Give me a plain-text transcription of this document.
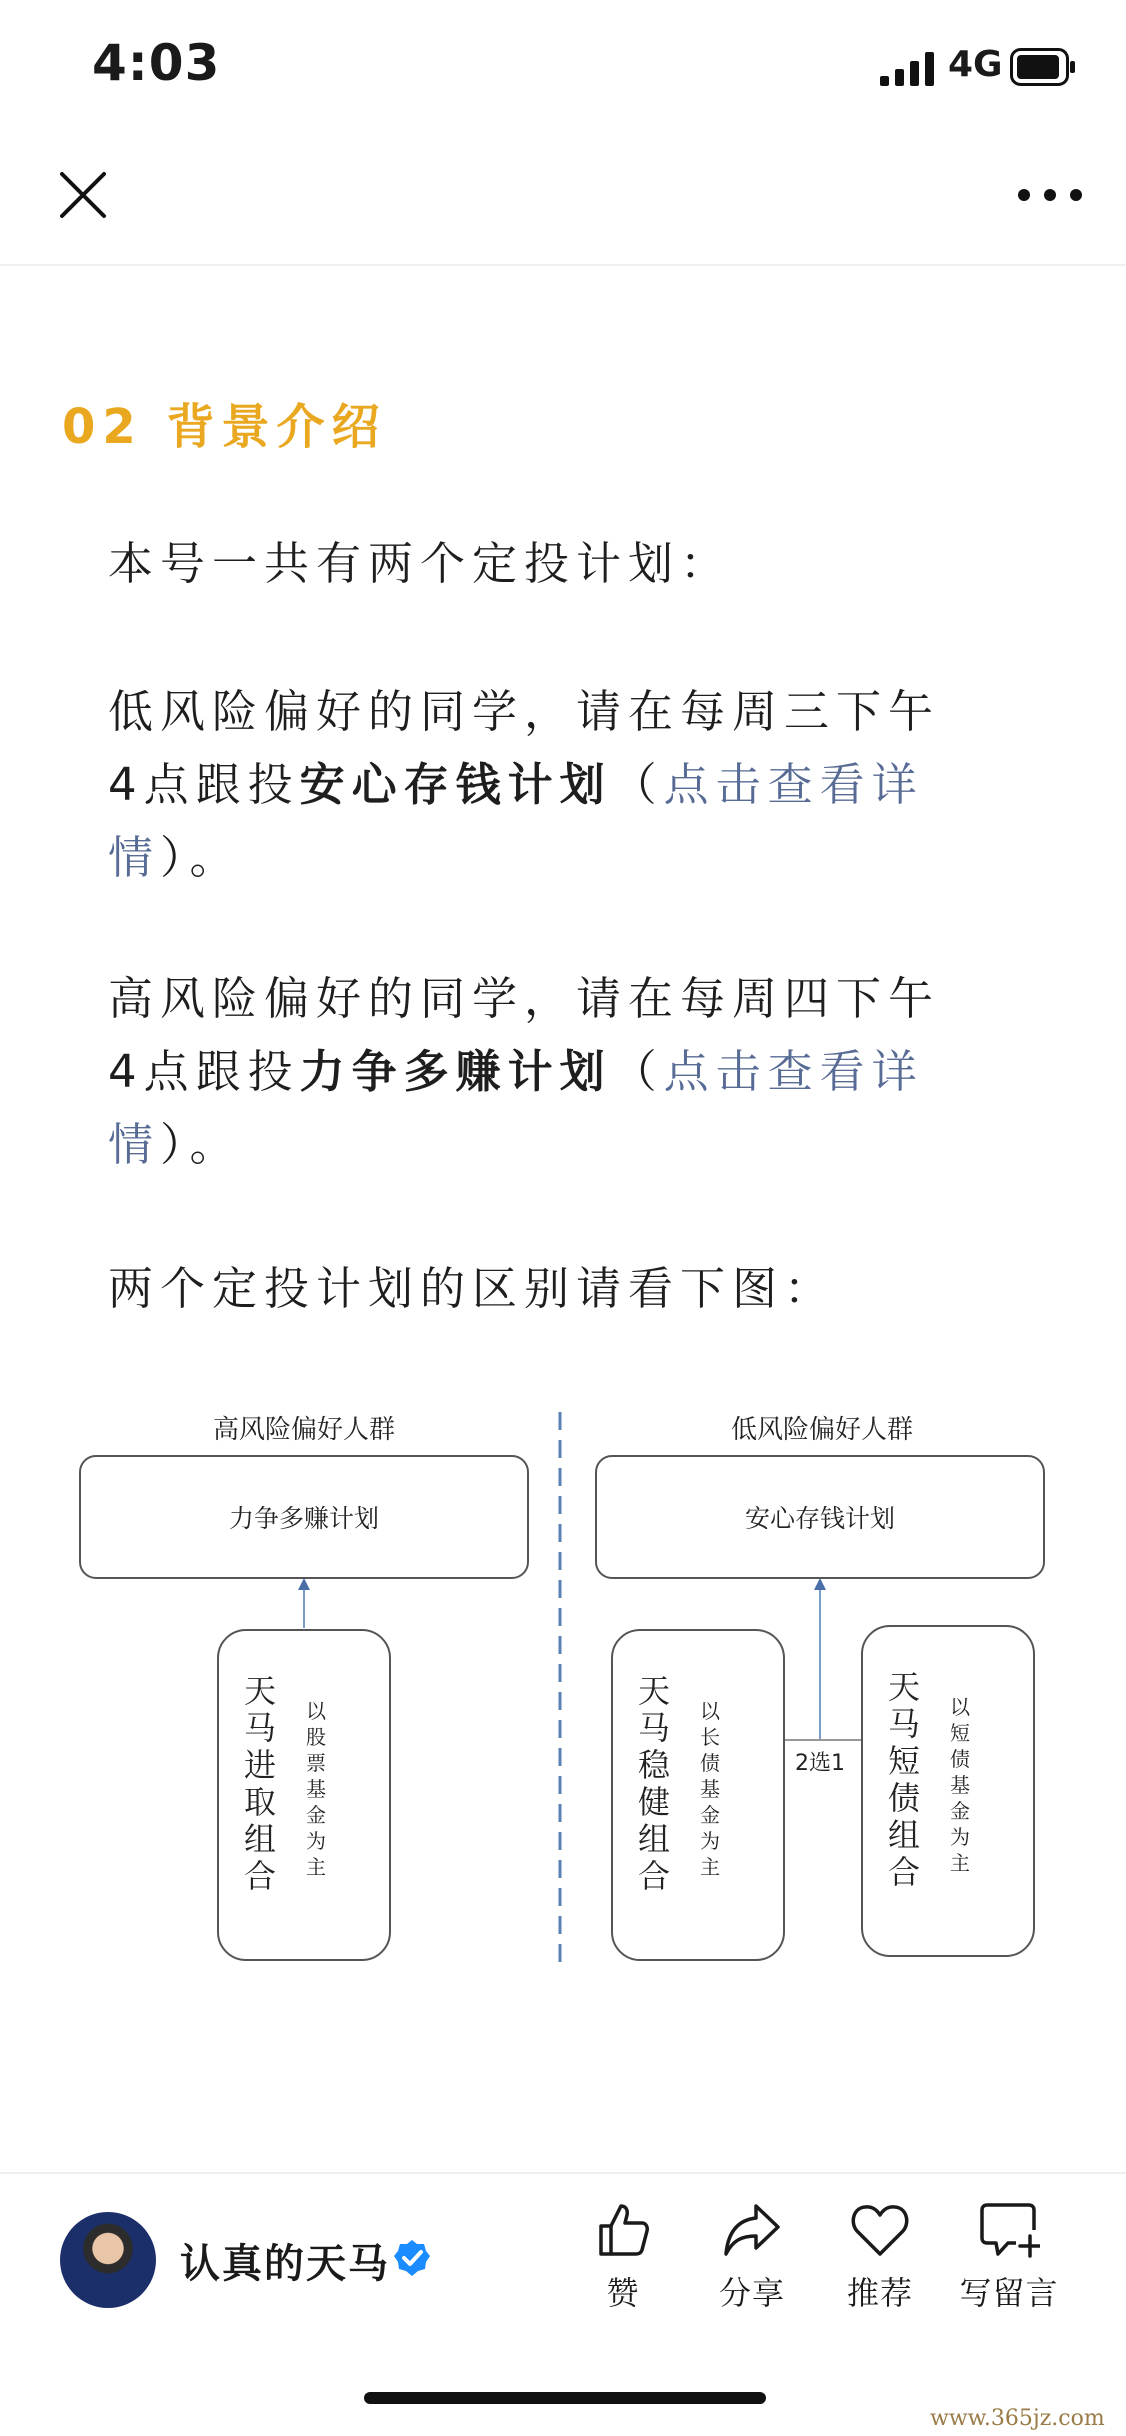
4:03	4G
02 背景介绍
本号一共有两个定投计划：
低风险偏好的同学，请在每周三下午
4点跟投安心存钱计划（点击查看详情）。
高风险偏好的同学，请在每周四下午
4点跟投力争多赚计划（点击查看详情）。
两个定投计划的区别请看下图：
高风险偏好人群	低风险偏好人群
力争多赚计划	安心存钱计划
2选1
天
马
进
取
组
合
以
股
票
基
金
为
主
天
马
稳
健
组
合
以
长
债
基
金
为
主
天
马
短
债
组
合
以
短
债
基
金
为
主
认真的天马
赞	分享	推荐	写留言
www.365jz.com
